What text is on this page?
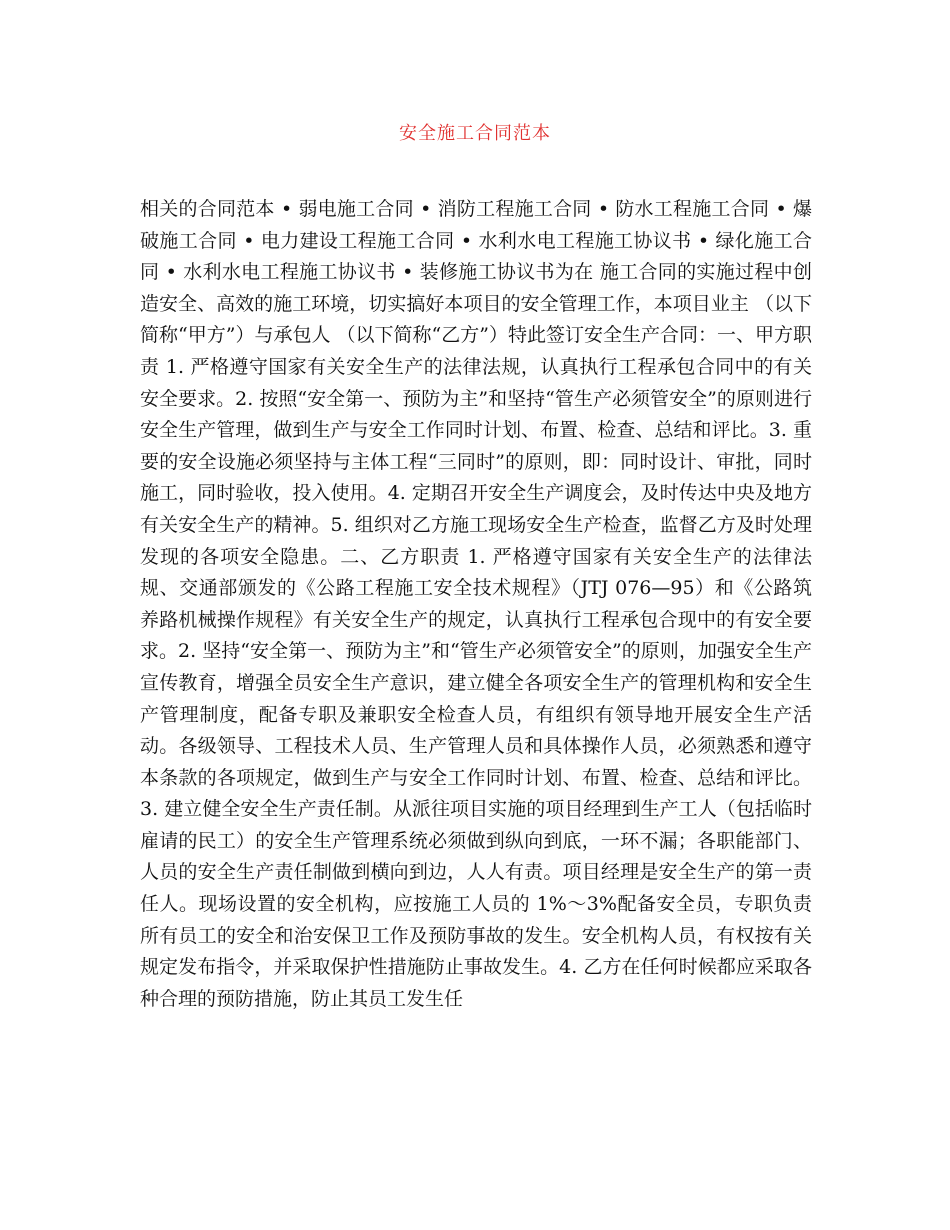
安全施工合同范本
相关的合同范本 • 弱电施工合同 • 消防工程施工合同 • 防水工程施工合同 • 爆破施工合同 • 电力建设工程施工合同 • 水利水电工程施工协议书 • 绿化施工合同 • 水利水电工程施工协议书 • 装修施工协议书为在 施工合同的实施过程中创造安全、高效的施工环境，切实搞好本项目的安全管理工作，本项目业主 （以下简称“甲方”）与承包人 （以下简称“乙方”）特此签订安全生产合同：一、甲方职责 1. 严格遵守国家有关安全生产的法律法规，认真执行工程承包合同中的有关安全要求。2. 按照“安全第一、预防为主”和坚持“管生产必须管安全”的原则进行安全生产管理，做到生产与安全工作同时计划、布置、检查、总结和评比。3. 重要的安全设施必须坚持与主体工程“三同时”的原则，即：同时设计、审批，同时施工，同时验收，投入使用。4. 定期召开安全生产调度会，及时传达中央及地方有关安全生产的精神。5. 组织对乙方施工现场安全生产检查，监督乙方及时处理发现的各项安全隐患。二、乙方职责 1. 严格遵守国家有关安全生产的法律法规、交通部颁发的《公路工程施工安全技术规程》（JTJ 076—95）和《公路筑养路机械操作规程》有关安全生产的规定，认真执行工程承包合现中的有安全要求。2. 坚持“安全第一、预防为主”和“管生产必须管安全”的原则，加强安全生产宣传教育，增强全员安全生产意识，建立健全各项安全生产的管理机构和安全生产管理制度，配备专职及兼职安全检查人员，有组织有领导地开展安全生产活动。各级领导、工程技术人员、生产管理人员和具体操作人员，必须熟悉和遵守本条款的各项规定，做到生产与安全工作同时计划、布置、检查、总结和评比。3. 建立健全安全生产责任制。从派往项目实施的项目经理到生产工人（包括临时雇请的民工）的安全生产管理系统必须做到纵向到底，一环不漏；各职能部门、人员的安全生产责任制做到横向到边，人人有责。项目经理是安全生产的第一责任人。现场设置的安全机构，应按施工人员的 1%～3%配备安全员，专职负责所有员工的安全和治安保卫工作及预防事故的发生。安全机构人员，有权按有关规定发布指令，并采取保护性措施防止事故发生。4. 乙方在任何时候都应采取各种合理的预防措施，防止其员工发生任
